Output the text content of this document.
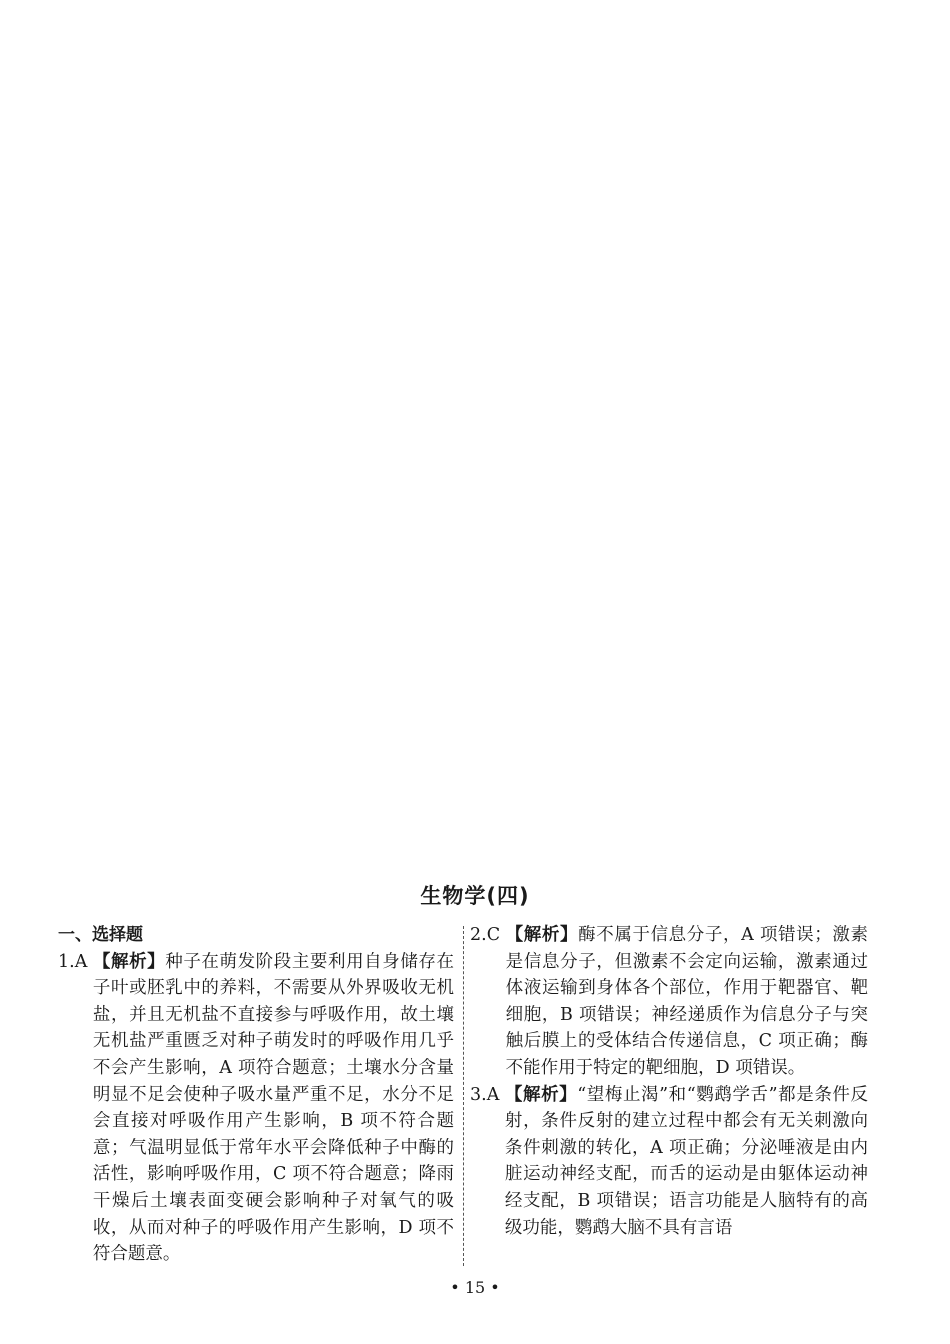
生物学(四)
一、选择题
1.A 【解析】种子在萌发阶段主要利用自身储存在子叶或胚乳中的养料，不需要从外界吸收无机盐，并且无机盐不直接参与呼吸作用，故土壤无机盐严重匮乏对种子萌发时的呼吸作用几乎不会产生影响，A 项符合题意；土壤水分含量明显不足会使种子吸水量严重不足，水分不足会直接对呼吸作用产生影响，B 项不符合题意；气温明显低于常年水平会降低种子中酶的活性，影响呼吸作用，C 项不符合题意；降雨干燥后土壤表面变硬会影响种子对氧气的吸收，从而对种子的呼吸作用产生影响，D 项不符合题意。
2.C 【解析】酶不属于信息分子，A 项错误；激素是信息分子，但激素不会定向运输，激素通过体液运输到身体各个部位，作用于靶器官、靶细胞，B 项错误；神经递质作为信息分子与突触后膜上的受体结合传递信息，C 项正确；酶不能作用于特定的靶细胞，D 项错误。
3.A 【解析】“望梅止渴”和“鹦鹉学舌”都是条件反射，条件反射的建立过程中都会有无关刺激向条件刺激的转化，A 项正确；分泌唾液是由内脏运动神经支配，而舌的运动是由躯体运动神经支配，B 项错误；语言功能是人脑特有的高级功能，鹦鹉大脑不具有言语
• 15 •
